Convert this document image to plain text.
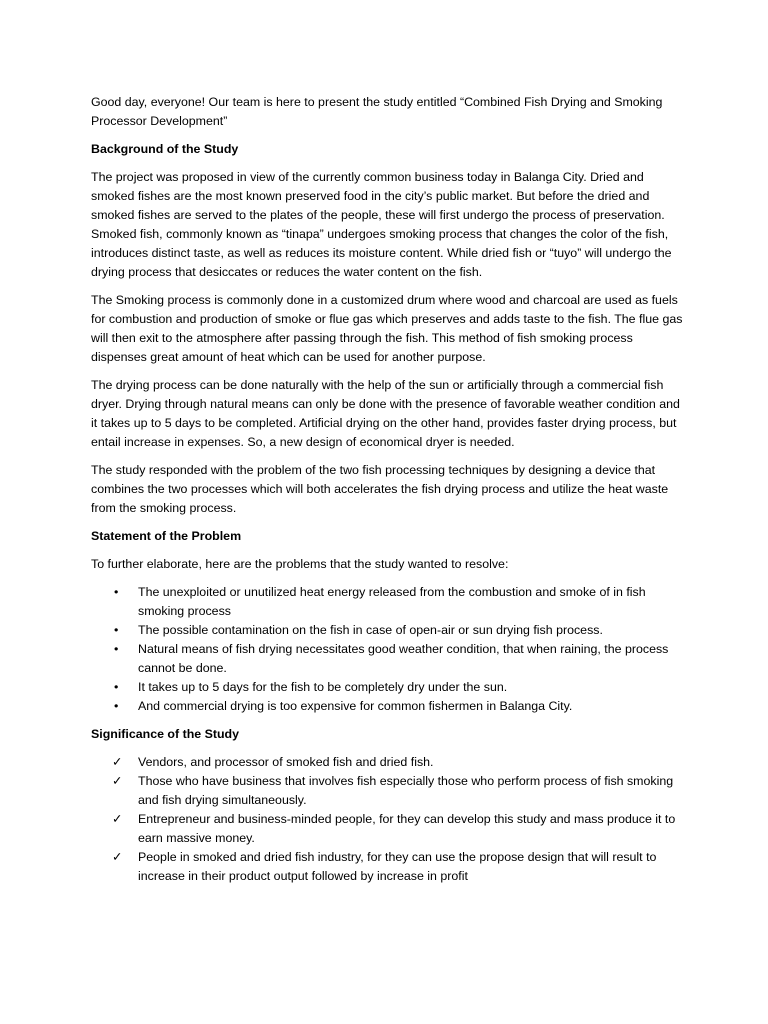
Good day, everyone! Our team is here to present the study entitled “Combined Fish Drying and Smoking Processor Development”

Background of the Study

The project was proposed in view of the currently common business today in Balanga City. Dried and smoked fishes are the most known preserved food in the city’s public market. But before the dried and smoked fishes are served to the plates of the people, these will first undergo the process of preservation. Smoked fish, commonly known as “tinapa” undergoes smoking process that changes the color of the fish, introduces distinct taste, as well as reduces its moisture content. While dried fish or “tuyo” will undergo the drying process that desiccates or reduces the water content on the fish.

The Smoking process is commonly done in a customized drum where wood and charcoal are used as fuels for combustion and production of smoke or flue gas which preserves and adds taste to the fish. The flue gas will then exit to the atmosphere after passing through the fish. This method of fish smoking process dispenses great amount of heat which can be used for another purpose.

The drying process can be done naturally with the help of the sun or artificially through a commercial fish dryer. Drying through natural means can only be done with the presence of favorable weather condition and it takes up to 5 days to be completed. Artificial drying on the other hand, provides faster drying process, but entail increase in expenses. So, a new design of economical dryer is needed.

The study responded with the problem of the two fish processing techniques by designing a device that combines the two processes which will both accelerates the fish drying process and utilize the heat waste from the smoking process.

Statement of the Problem

To further elaborate, here are the problems that the study wanted to resolve:

• The unexploited or unutilized heat energy released from the combustion and smoke of in fish smoking process
• The possible contamination on the fish in case of open-air or sun drying fish process.
• Natural means of fish drying necessitates good weather condition, that when raining, the process cannot be done.
• It takes up to 5 days for the fish to be completely dry under the sun.
• And commercial drying is too expensive for common fishermen in Balanga City.

Significance of the Study

✓ Vendors, and processor of smoked fish and dried fish.
✓ Those who have business that involves fish especially those who perform process of fish smoking and fish drying simultaneously.
✓ Entrepreneur and business-minded people, for they can develop this study and mass produce it to earn massive money.
✓ People in smoked and dried fish industry, for they can use the propose design that will result to increase in their product output followed by increase in profit
